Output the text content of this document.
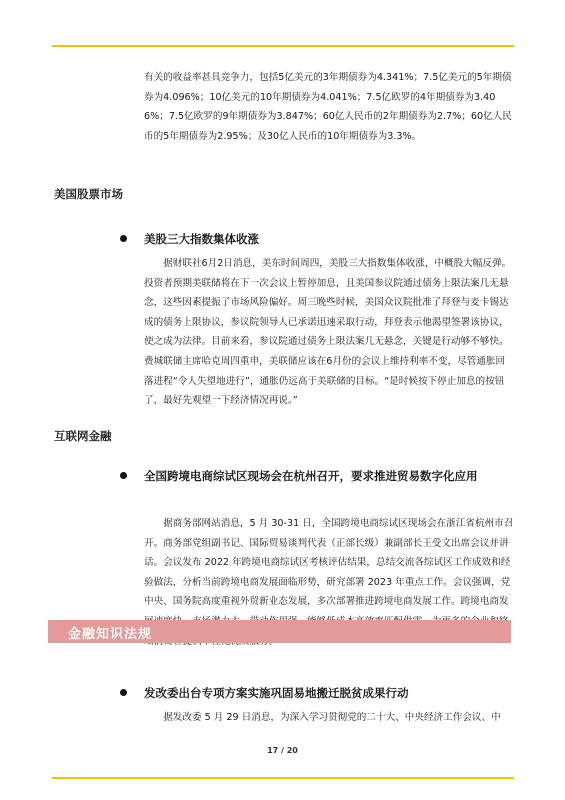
有关的收益率甚具竞争力，包括5亿美元的3年期债券为4.341%；7.5亿美元的5年期债券为4.096%；10亿美元的10年期债券为4.041%；7.5亿欧罗的4年期债券为3.406%；7.5亿欧罗的9年期债券为3.847%；60亿人民币的2年期债券为2.7%；60亿人民币的5年期债券为2.95%；及30亿人民币的10年期债券为3.3%。

美国股票市场

美股三大指数集体收涨

据财联社6月2日消息，美东时间周四，美股三大指数集体收涨，中概股大幅反弹。投资者预期美联储将在下一次会议上暂停加息，且美国参议院通过债务上限法案几无悬念，这些因素提振了市场风险偏好。周三晚些时候，美国众议院批准了拜登与麦卡锡达成的债务上限协议，参议院领导人已承诺迅速采取行动，拜登表示他渴望签署该协议，使之成为法律。目前来看，参议院通过债务上限法案几无悬念，关键是行动够不够快。费城联储主席哈克周四重申，美联储应该在6月份的会议上维持利率不变，尽管通胀回落进程“令人失望地进行”，通胀仍远高于美联储的目标。“是时候按下停止加息的按钮了，最好先观望一下经济情况再说。”

互联网金融

全国跨境电商综试区现场会在杭州召开，要求推进贸易数字化应用

据商务部网站消息，5 月 30-31 日，全国跨境电商综试区现场会在浙江省杭州市召开。商务部党组副书记、国际贸易谈判代表（正部长级）兼副部长王受文出席会议并讲话。会议发布 2022 年跨境电商综试区考核评估结果，总结交流各综试区工作成效和经验做法，分析当前跨境电商发展面临形势，研究部署 2023 年重点工作。会议强调，党中央、国务院高度重视外贸新业态发展，多次部署推进跨境电商发展工作。跨境电商发

金融知识法规

发改委出台专项方案实施巩固易地搬迁脱贫成果行动

据发改委 5 月 29 日消息，为深入学习贯彻党的二十大、中央经济工作会议、中

17 / 20
